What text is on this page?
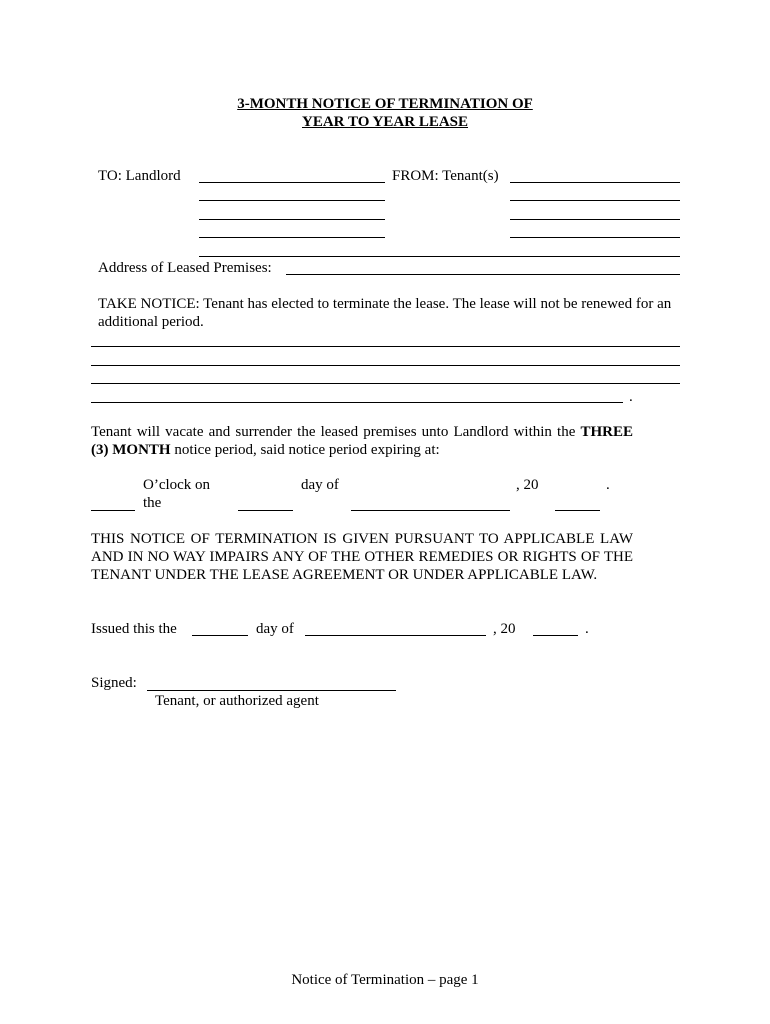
3-MONTH NOTICE OF TERMINATION OF
YEAR TO YEAR LEASE
TO: Landlord	FROM: Tenant(s)
Address of Leased Premises:
TAKE NOTICE: Tenant has elected to terminate the lease. The lease will not be renewed for an additional period.
.
Tenant will vacate and surrender the leased premises unto Landlord within the THREE (3) MONTH notice period, said notice period expiring at:
O’clock on
the
day of	, 20	.
THIS NOTICE OF TERMINATION IS GIVEN PURSUANT TO APPLICABLE LAW AND IN NO WAY IMPAIRS ANY OF THE OTHER REMEDIES OR RIGHTS OF THE TENANT UNDER THE LEASE AGREEMENT OR UNDER APPLICABLE LAW.
Issued this the	day of	, 20	.
Signed:
Tenant, or authorized agent
Notice of Termination – page 1
